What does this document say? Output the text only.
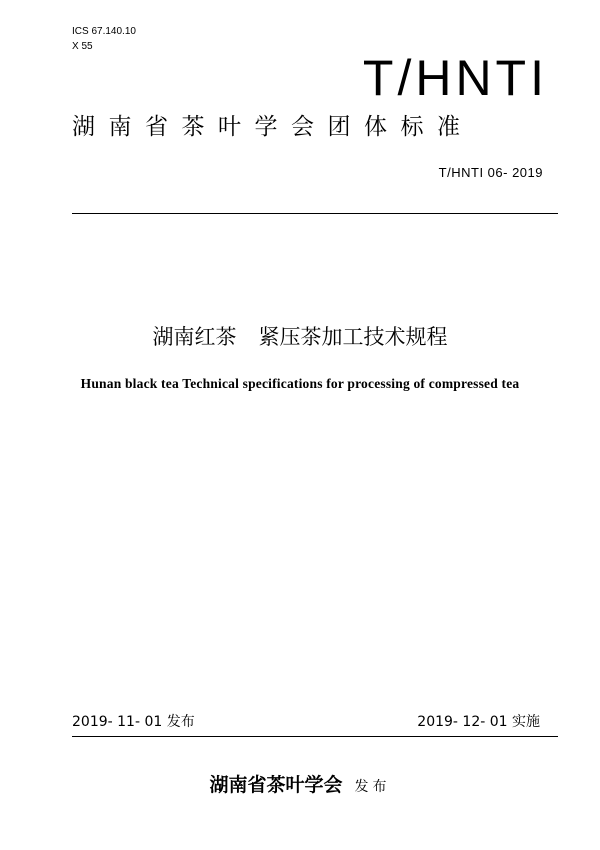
ICS 67.140.10
X 55
T/HNTI
湖南省茶叶学会团体标准
T/HNTI 06- 2019
湖南红茶 紧压茶加工技术规程
Hunan black tea Technical specifications for processing of compressed tea
2019- 11- 01 发布	2019- 12- 01 实施
湖南省茶叶学会 发布
